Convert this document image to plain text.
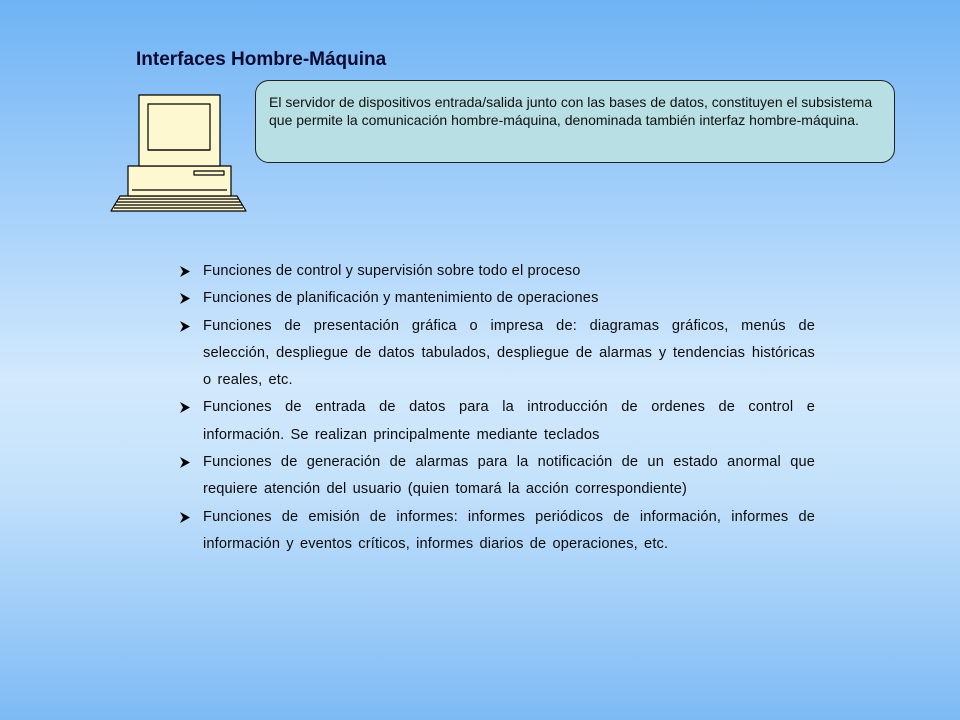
Interfaces Hombre-Máquina
El servidor de dispositivos entrada/salida junto con las bases de datos, constituyen el subsistema que permite la comunicación hombre-máquina, denominada también interfaz hombre-máquina.
Funciones de control y supervisión sobre todo el proceso
Funciones de planificación y mantenimiento de operaciones
Funciones de presentación gráfica o impresa de: diagramas gráficos, menús de selección, despliegue de datos tabulados, despliegue de alarmas y tendencias históricas o reales, etc.
Funciones de entrada de datos para la introducción de ordenes de control e información. Se realizan principalmente mediante teclados
Funciones de generación de alarmas para la notificación de un estado anormal que requiere atención del usuario (quien tomará la acción correspondiente)
Funciones de emisión de informes: informes periódicos de información, informes de información y eventos críticos, informes diarios de operaciones, etc.
